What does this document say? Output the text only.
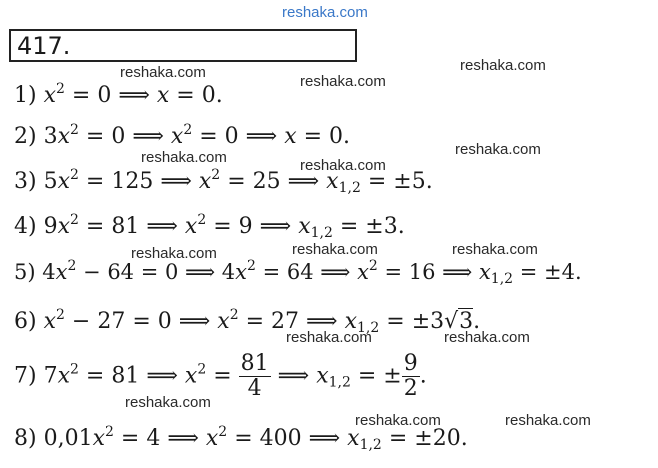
reshaka.com
reshaka.com
reshaka.com
reshaka.com
reshaka.com	reshaka.com
reshaka.com
reshaka.com	reshaka.com	reshaka.com
reshaka.com	reshaka.com
reshaka.com
reshaka.com	reshaka.com
417.
1) $x^2 = 0$ ⟹ x = 0.
2) $3x^2 = 0$ ⟹ $x^2 = 0$ ⟹ x = 0.
3) $5x^2 = 125$ ⟹ $x^2 = 25$ ⟹ $x_{1,2} = \pm 5$.
4) $9x^2 = 81$ ⟹ $x^2 = 9$ ⟹ $x_{1,2} = \pm 3$.
5) $4x^2 - 64 = 0$ ⟹ $4x^2 = 64$ ⟹ $x^2 = 16$ ⟹ $x_{1,2} = \pm 4$.
6) $x^2 - 27 = 0$ ⟹ $x^2 = 27$ ⟹ $x_{1,2} = \pm 3√3$.
7) $7x^2 = 81$ ⟹ $x^2 = \frac{81}{4}$ ⟹ $x_{1,2}$ = ± $\frac{9}{2}$ .
8) $0,01x^2 = 4$ ⟹ $x^2 = 400$ ⟹ $x_{1,2} = \pm 20$.
